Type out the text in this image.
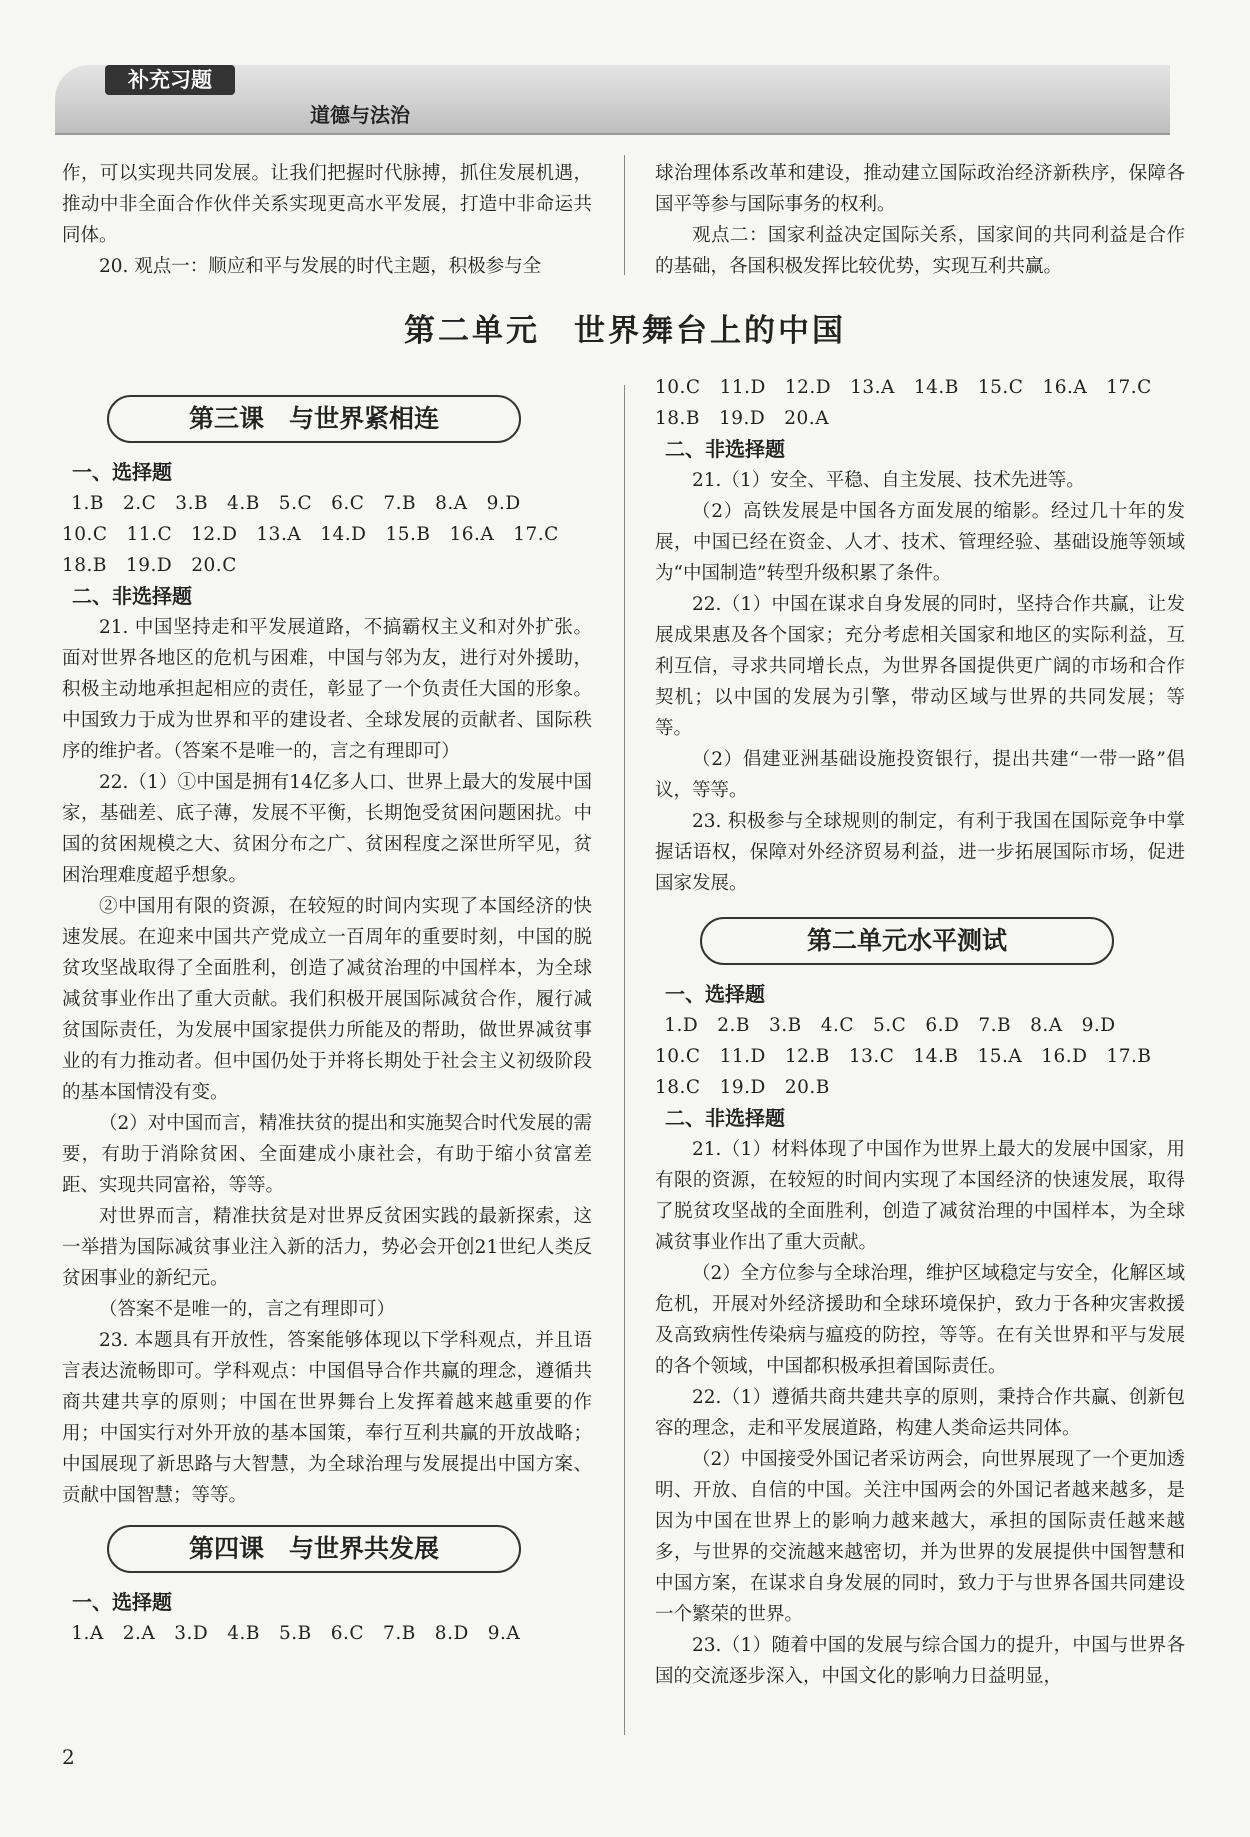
补充习题
道德与法治

作，可以实现共同发展。让我们把握时代脉搏，抓住发展机遇，推动中非全面合作伙伴关系实现更高水平发展，打造中非命运共同体。

20. 观点一：顺应和平与发展的时代主题，积极参与全

球治理体系改革和建设，推动建立国际政治经济新秩序，保障各国平等参与国际事务的权利。

观点二：国家利益决定国际关系，国家间的共同利益是合作的基础，各国积极发挥比较优势，实现互利共赢。

第二单元　世界舞台上的中国
第三课　与世界紧相连
一、选择题
1.B　2.C　3.B　4.B　5.C　6.C　7.B　8.A　9.D
10.C　11.C　12.D　13.A　14.D　15.B　16.A　17.C
18.B　19.D　20.C
二、非选择题

21. 中国坚持走和平发展道路，不搞霸权主义和对外扩张。面对世界各地区的危机与困难，中国与邻为友，进行对外援助，积极主动地承担起相应的责任，彰显了一个负责任大国的形象。中国致力于成为世界和平的建设者、全球发展的贡献者、国际秩序的维护者。（答案不是唯一的，言之有理即可）

22.（1）①中国是拥有14亿多人口、世界上最大的发展中国家，基础差、底子薄，发展不平衡，长期饱受贫困问题困扰。中国的贫困规模之大、贫困分布之广、贫困程度之深世所罕见，贫困治理难度超乎想象。

②中国用有限的资源，在较短的时间内实现了本国经济的快速发展。在迎来中国共产党成立一百周年的重要时刻，中国的脱贫攻坚战取得了全面胜利，创造了减贫治理的中国样本，为全球减贫事业作出了重大贡献。我们积极开展国际减贫合作，履行减贫国际责任，为发展中国家提供力所能及的帮助，做世界减贫事业的有力推动者。但中国仍处于并将长期处于社会主义初级阶段的基本国情没有变。

（2）对中国而言，精准扶贫的提出和实施契合时代发展的需要，有助于消除贫困、全面建成小康社会，有助于缩小贫富差距、实现共同富裕，等等。

对世界而言，精准扶贫是对世界反贫困实践的最新探索，这一举措为国际减贫事业注入新的活力，势必会开创21世纪人类反贫困事业的新纪元。

（答案不是唯一的，言之有理即可）

23. 本题具有开放性，答案能够体现以下学科观点，并且语言表达流畅即可。学科观点：中国倡导合作共赢的理念，遵循共商共建共享的原则；中国在世界舞台上发挥着越来越重要的作用；中国实行对外开放的基本国策，奉行互利共赢的开放战略；中国展现了新思路与大智慧，为全球治理与发展提出中国方案、贡献中国智慧；等等。

第四课　与世界共发展
一、选择题
1.A　2.A　3.D　4.B　5.B　6.C　7.B　8.D　9.A
10.C　11.D　12.D　13.A　14.B　15.C　16.A　17.C
18.B　19.D　20.A
二、非选择题

21.（1）安全、平稳、自主发展、技术先进等。

（2）高铁发展是中国各方面发展的缩影。经过几十年的发展，中国已经在资金、人才、技术、管理经验、基础设施等领域为“中国制造”转型升级积累了条件。

22.（1）中国在谋求自身发展的同时，坚持合作共赢，让发展成果惠及各个国家；充分考虑相关国家和地区的实际利益，互利互信，寻求共同增长点，为世界各国提供更广阔的市场和合作契机；以中国的发展为引擎，带动区域与世界的共同发展；等等。

（2）倡建亚洲基础设施投资银行，提出共建“一带一路”倡议，等等。

23. 积极参与全球规则的制定，有利于我国在国际竞争中掌握话语权，保障对外经济贸易利益，进一步拓展国际市场，促进国家发展。

第二单元水平测试
一、选择题
1.D　2.B　3.B　4.C　5.C　6.D　7.B　8.A　9.D
10.C　11.D　12.B　13.C　14.B　15.A　16.D　17.B
18.C　19.D　20.B
二、非选择题

21.（1）材料体现了中国作为世界上最大的发展中国家，用有限的资源，在较短的时间内实现了本国经济的快速发展，取得了脱贫攻坚战的全面胜利，创造了减贫治理的中国样本，为全球减贫事业作出了重大贡献。

（2）全方位参与全球治理，维护区域稳定与安全，化解区域危机，开展对外经济援助和全球环境保护，致力于各种灾害救援及高致病性传染病与瘟疫的防控，等等。在有关世界和平与发展的各个领域，中国都积极承担着国际责任。

22.（1）遵循共商共建共享的原则，秉持合作共赢、创新包容的理念，走和平发展道路，构建人类命运共同体。

（2）中国接受外国记者采访两会，向世界展现了一个更加透明、开放、自信的中国。关注中国两会的外国记者越来越多，是因为中国在世界上的影响力越来越大，承担的国际责任越来越多，与世界的交流越来越密切，并为世界的发展提供中国智慧和中国方案，在谋求自身发展的同时，致力于与世界各国共同建设一个繁荣的世界。

23.（1）随着中国的发展与综合国力的提升，中国与世界各国的交流逐步深入，中国文化的影响力日益明显，

2
